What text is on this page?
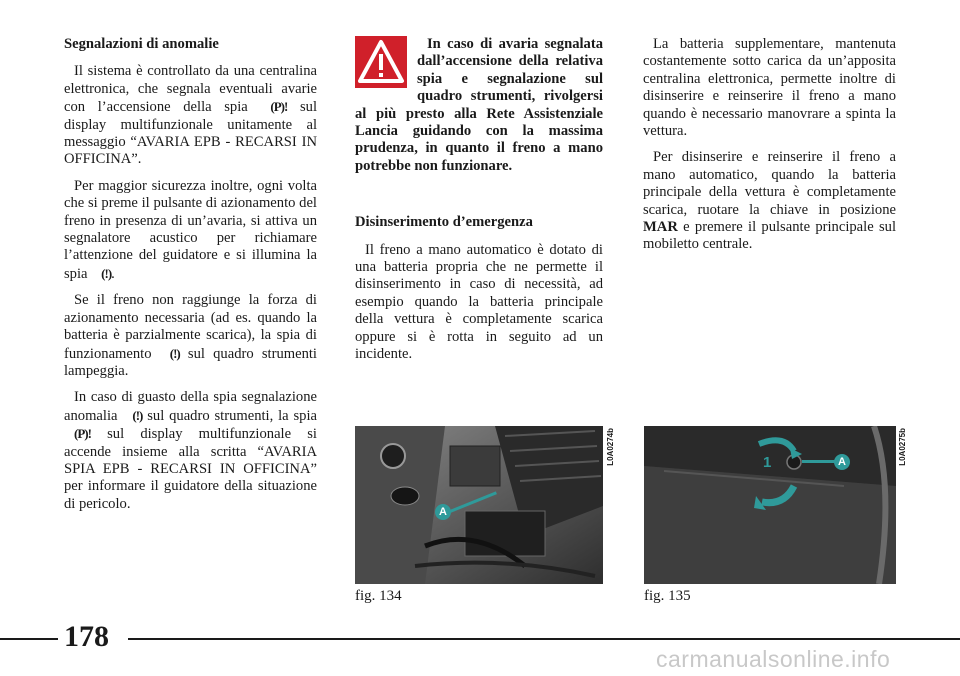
Segnalazioni di anomalie

Il sistema è controllato da una centralina elettronica, che segnala eventuali avarie con l’accensione della spia (P)! sul display multifunzionale unitamente al messaggio “AVARIA EPB - RECARSI IN OFFICINA”.

Per maggior sicurezza inoltre, ogni volta che si preme il pulsante di azionamento del freno in presenza di un’avaria, si attiva un segnalatore acustico per richiamare l’attenzione del guidatore e si illumina la spia (!).

Se il freno non raggiunge la forza di azionamento necessaria (ad es. quando la batteria è parzialmente scarica), la spia di funzionamento (!) sul quadro strumenti lampeggia.

In caso di guasto della spia segnalazione anomalia (!) sul quadro strumenti, la spia (P)! sul display multifunzionale si accende insieme alla scritta “AVARIA SPIA EPB - RECARSI IN OFFICINA” per informare il guidatore della situazione di pericolo.

In caso di avaria segnalata dall’accensione della relativa spia e segnalazione sul quadro strumenti, rivolgersi al più presto alla Rete Assistenziale Lancia guidando con la massima prudenza, in quanto il freno a mano potrebbe non funzionare.

Disinserimento d’emergenza

Il freno a mano automatico è dotato di una batteria propria che ne permette il disinserimento in caso di necessità, ad esempio quando la batteria principale della vettura è completamente scarica oppure si è rotta in seguito ad un incidente.

La batteria supplementare, mantenuta costantemente sotto carica da un’apposita centralina elettronica, permette inoltre di disinserire e reinserire il freno a mano quando è necessario manovrare a spinta la vettura.

Per disinserire e reinserire il freno a mano automatico, quando la batteria principale della vettura è completamente scarica, ruotare la chiave in posizione MAR e premere il pulsante principale sul mobiletto centrale.

A
L0A0274b
fig. 134
1	A	L0A0275b
fig. 135
178
carmanualsonline.info
